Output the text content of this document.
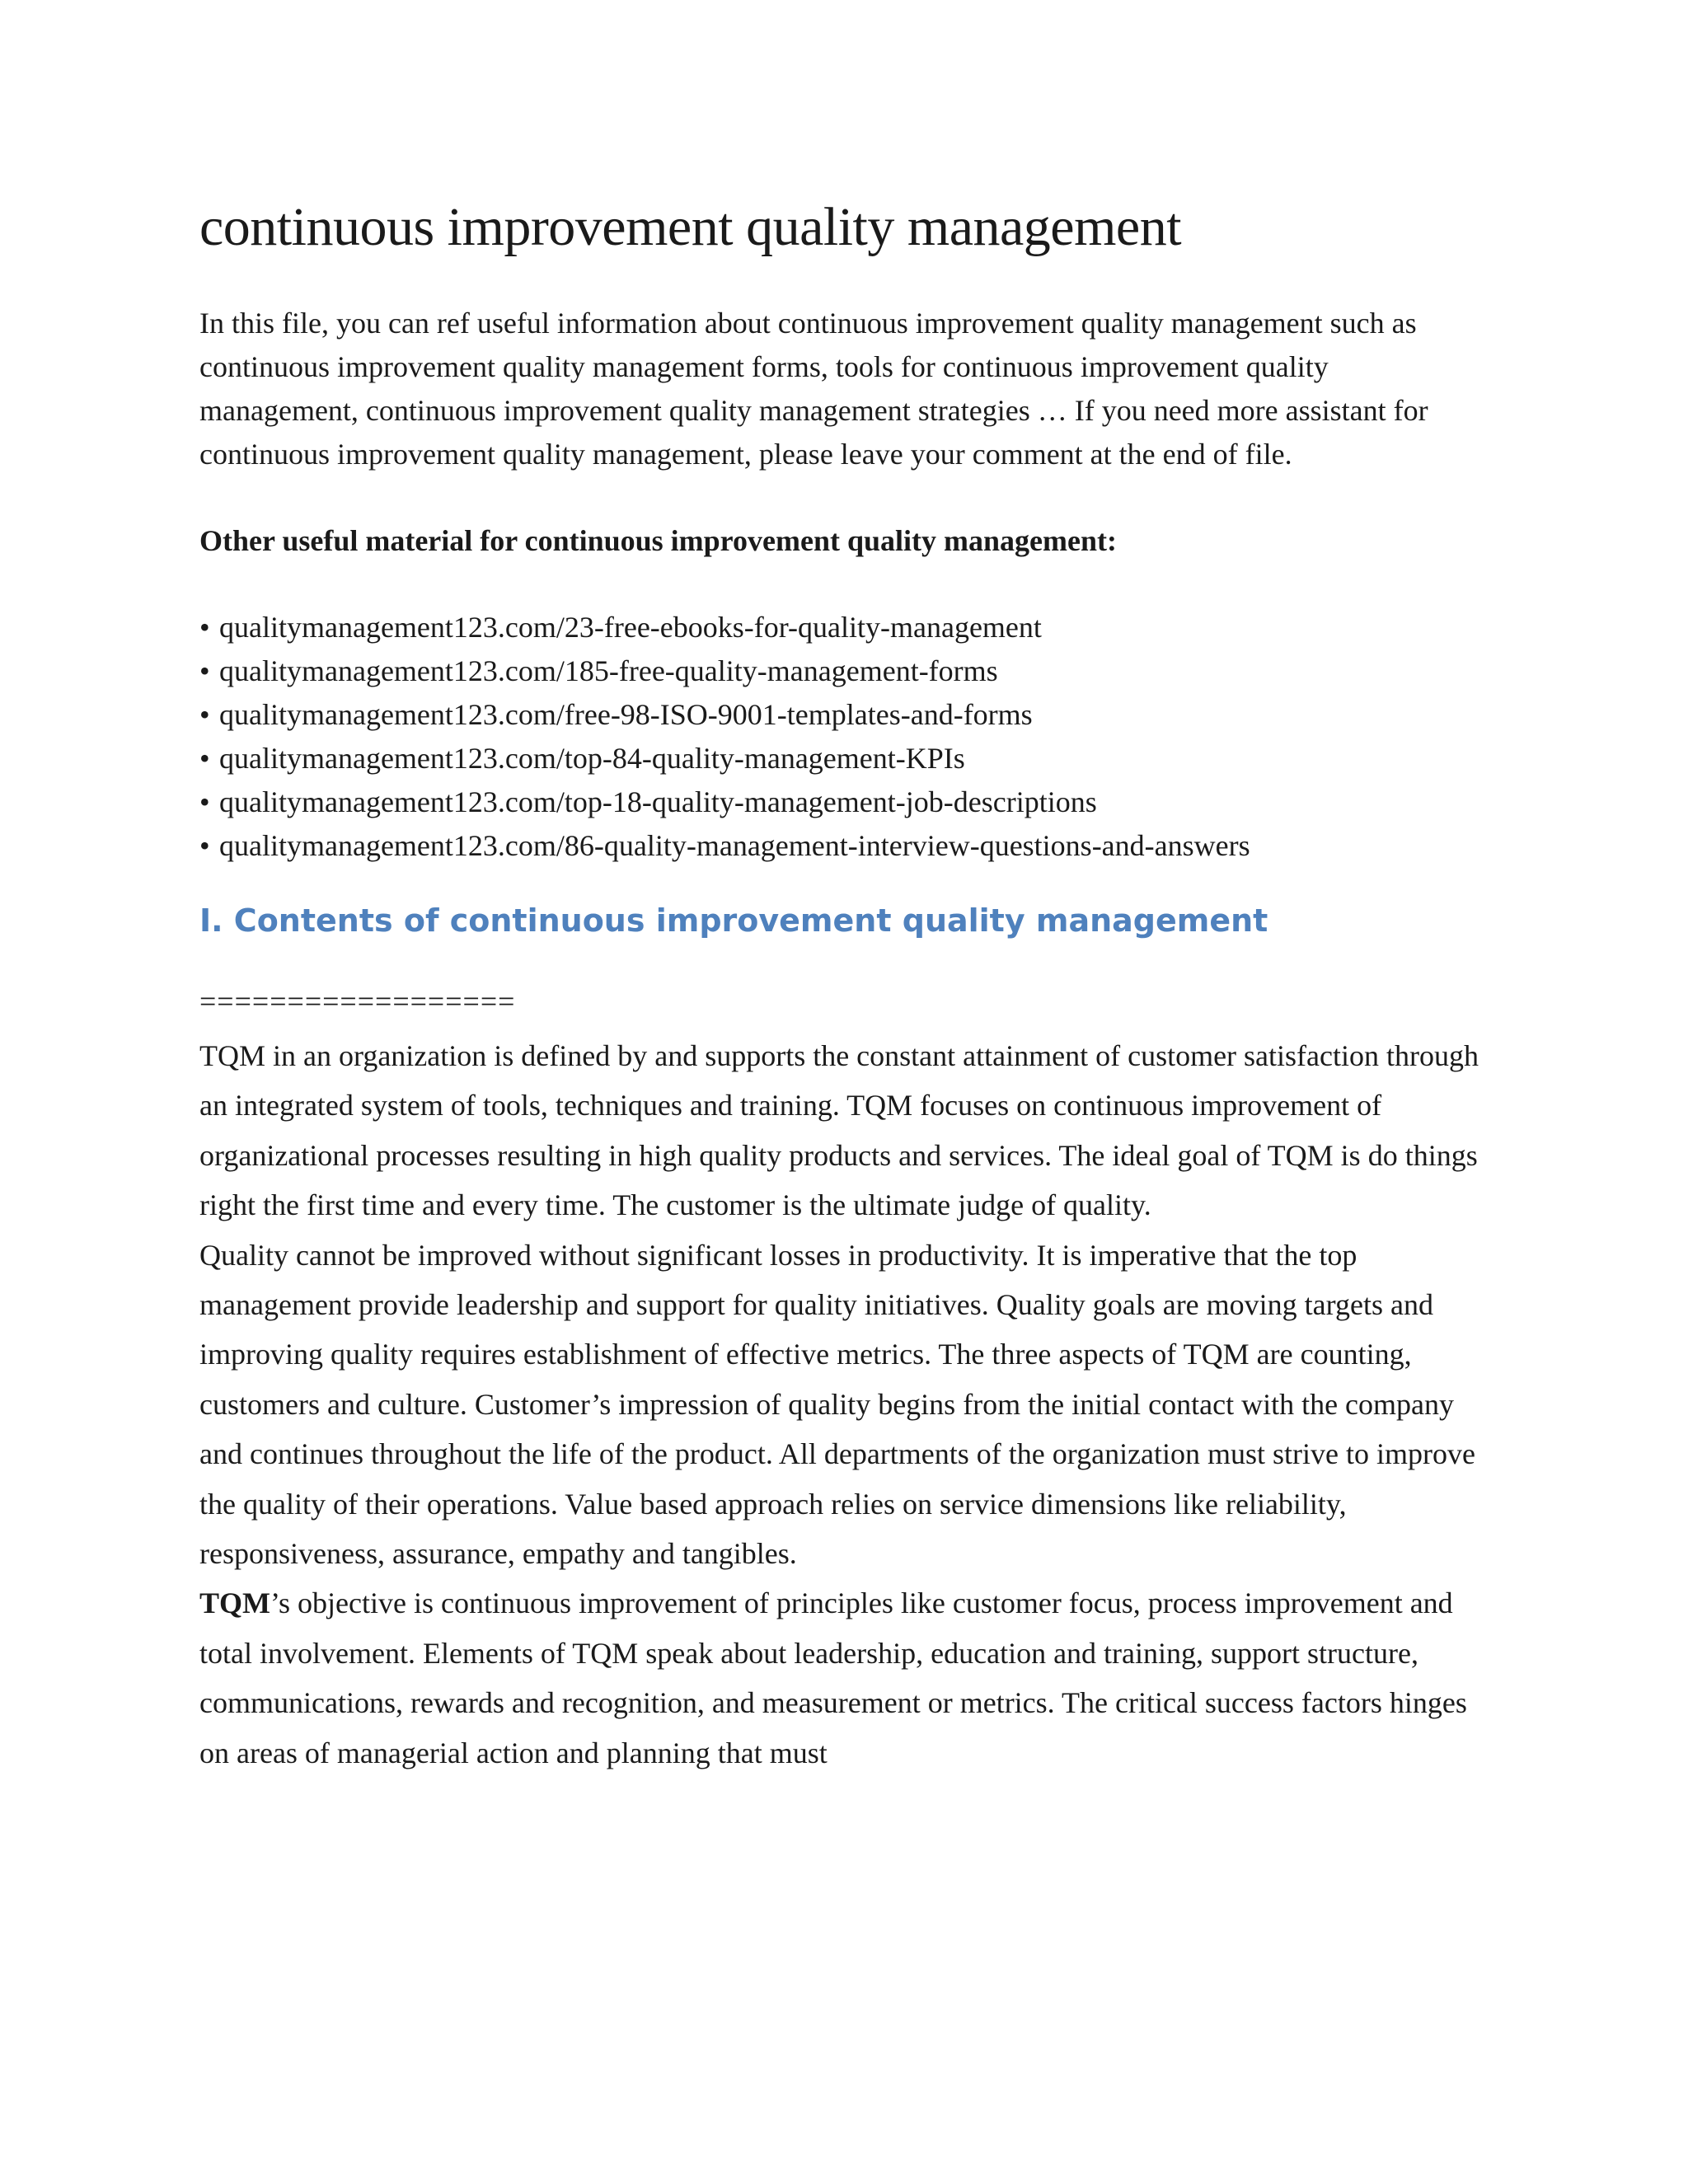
continuous improvement quality management

In this file, you can ref useful information about continuous improvement quality management such as continuous improvement quality management forms, tools for continuous improvement quality management, continuous improvement quality management strategies … If you need more assistant for continuous improvement quality management, please leave your comment at the end of file.

Other useful material for continuous improvement quality management:

• qualitymanagement123.com/23-free-ebooks-for-quality-management
• qualitymanagement123.com/185-free-quality-management-forms
• qualitymanagement123.com/free-98-ISO-9001-templates-and-forms
• qualitymanagement123.com/top-84-quality-management-KPIs
• qualitymanagement123.com/top-18-quality-management-job-descriptions
• qualitymanagement123.com/86-quality-management-interview-questions-and-answers
I. Contents of continuous improvement quality management
==================

TQM in an organization is defined by and supports the constant attainment of customer satisfaction through an integrated system of tools, techniques and training. TQM focuses on continuous improvement of organizational processes resulting in high quality products and services. The ideal goal of TQM is do things right the first time and every time. The customer is the ultimate judge of quality.

Quality cannot be improved without significant losses in productivity. It is imperative that the top management provide leadership and support for quality initiatives. Quality goals are moving targets and improving quality requires establishment of effective metrics. The three aspects of TQM are counting, customers and culture. Customer’s impression of quality begins from the initial contact with the company and continues throughout the life of the product. All departments of the organization must strive to improve the quality of their operations. Value based approach relies on service dimensions like reliability, responsiveness, assurance, empathy and tangibles.

TQM’s objective is continuous improvement of principles like customer focus, process improvement and total involvement. Elements of TQM speak about leadership, education and training, support structure, communications, rewards and recognition, and measurement or metrics. The critical success factors hinges on areas of managerial action and planning that must
